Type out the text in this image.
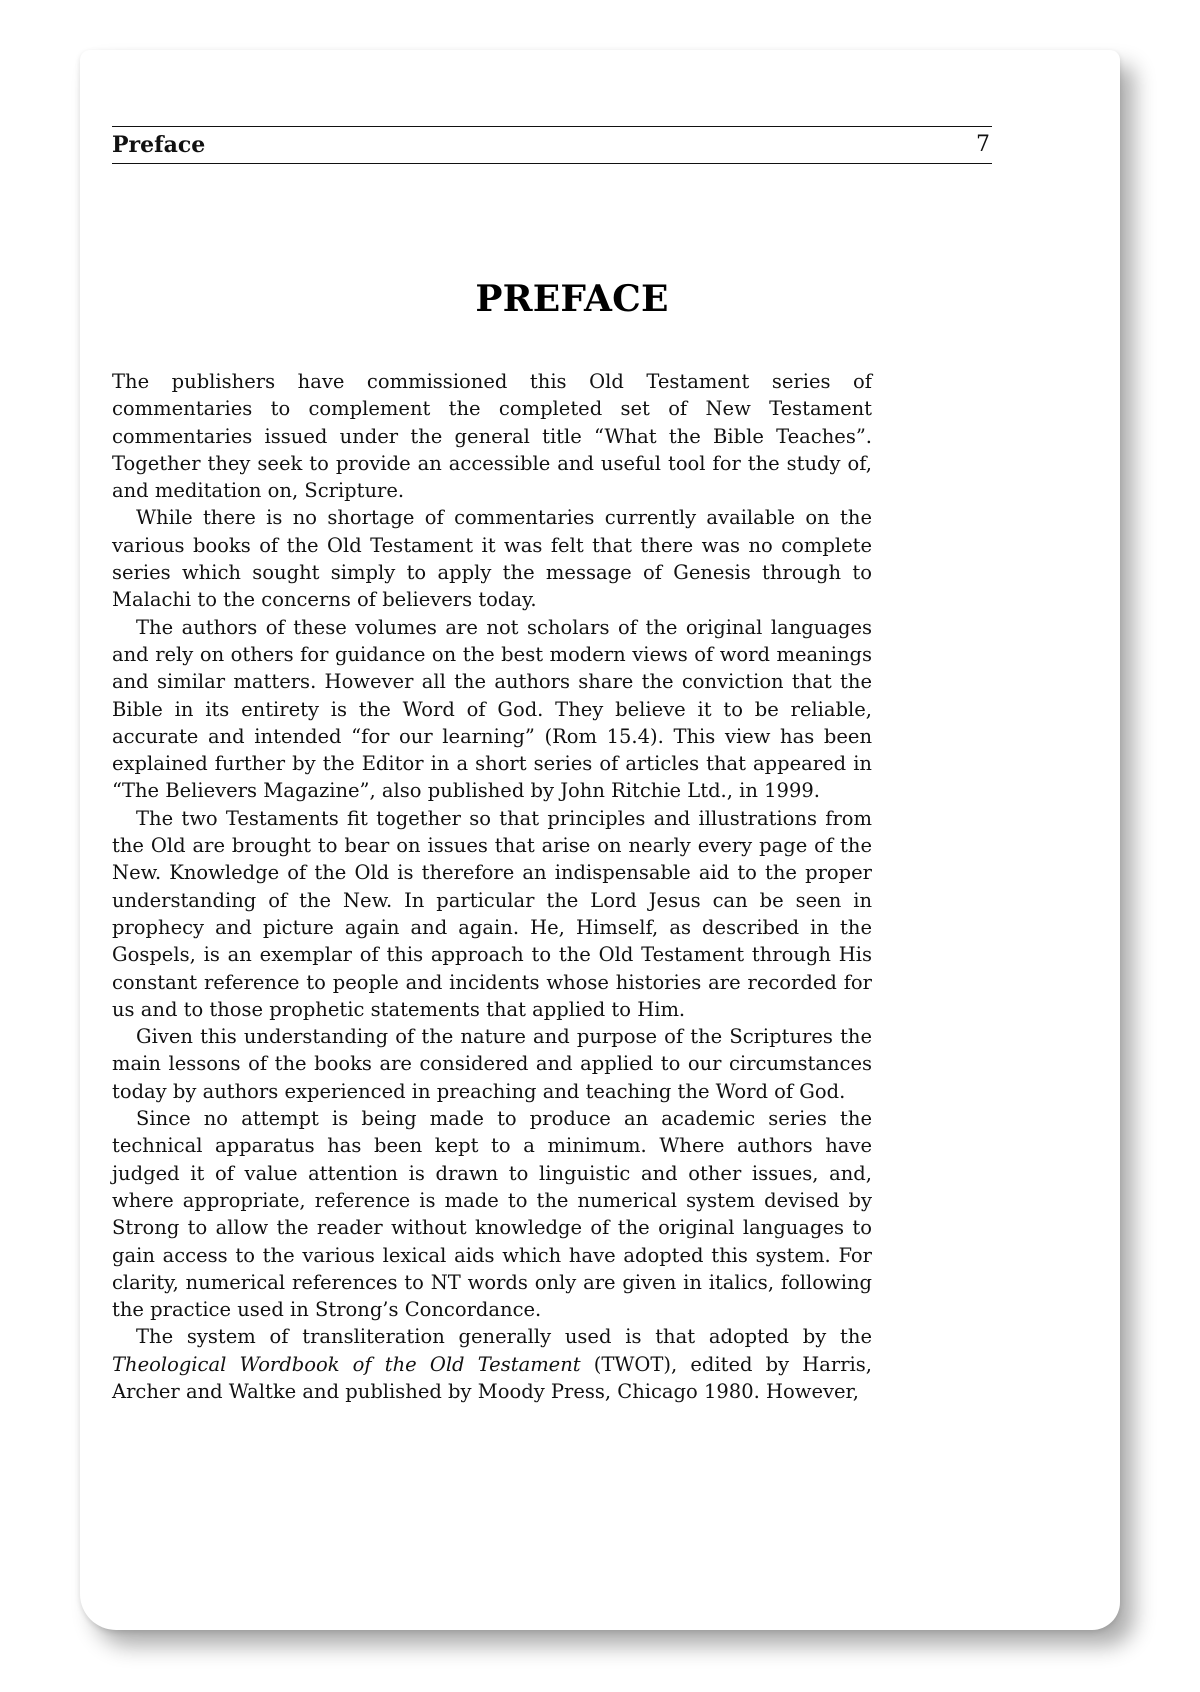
Preface	7
PREFACE

The publishers have commissioned this Old Testament series of commentaries to complement the completed set of New Testament commentaries issued under the general title “What the Bible Teaches”. Together they seek to provide an accessible and useful tool for the study of, and meditation on, Scripture.

While there is no shortage of commentaries currently available on the various books of the Old Testament it was felt that there was no complete series which sought simply to apply the message of Genesis through to Malachi to the concerns of believers today.

The authors of these volumes are not scholars of the original languages and rely on others for guidance on the best modern views of word meanings and similar matters. However all the authors share the conviction that the Bible in its entirety is the Word of God. They believe it to be reliable, accurate and intended “for our learning” (Rom 15.4). This view has been explained further by the Editor in a short series of articles that appeared in “The Believers Magazine”, also published by John Ritchie Ltd., in 1999.

The two Testaments fit together so that principles and illustrations from the Old are brought to bear on issues that arise on nearly every page of the New. Knowledge of the Old is therefore an indispensable aid to the proper understanding of the New. In particular the Lord Jesus can be seen in prophecy and picture again and again. He, Himself, as described in the Gospels, is an exemplar of this approach to the Old Testament through His constant reference to people and incidents whose histories are recorded for us and to those prophetic statements that applied to Him.

Given this understanding of the nature and purpose of the Scriptures the main lessons of the books are considered and applied to our circumstances today by authors experienced in preaching and teaching the Word of God.

Since no attempt is being made to produce an academic series the technical apparatus has been kept to a minimum. Where authors have judged it of value attention is drawn to linguistic and other issues, and, where appropriate, reference is made to the numerical system devised by Strong to allow the reader without knowledge of the original languages to gain access to the various lexical aids which have adopted this system. For clarity, numerical references to NT words only are given in italics, following the practice used in Strong’s Concordance.

The system of transliteration generally used is that adopted by the Theological Wordbook of the Old Testament (TWOT), edited by Harris, Archer and Waltke and published by Moody Press, Chicago 1980. However,
